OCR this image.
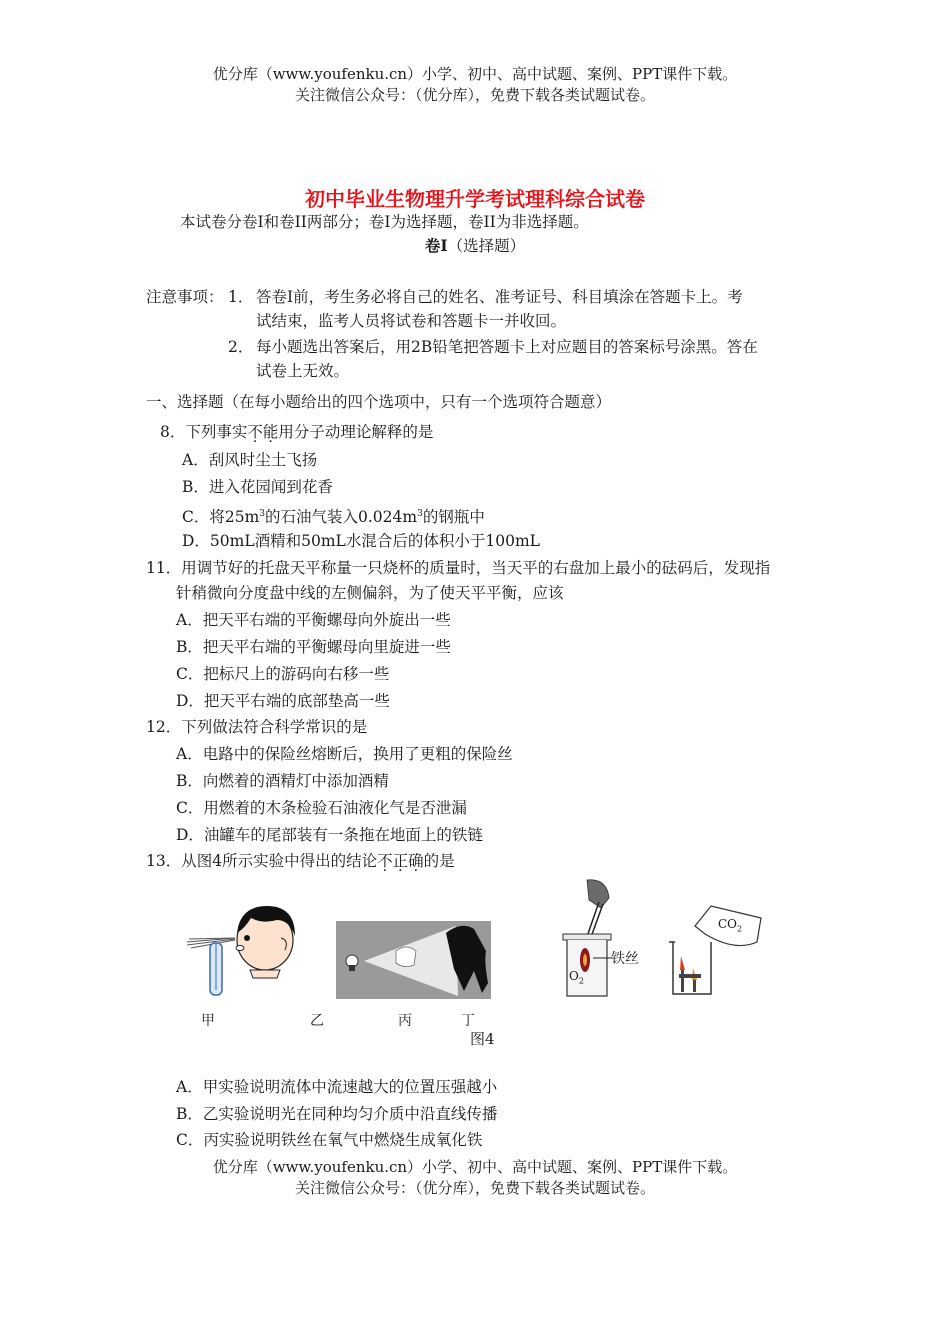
优分库（www.youfenku.cn）小学、初中、高中试题、案例、PPT课件下载。
关注微信公众号：（优分库），免费下载各类试题试卷。
初中毕业生物理升学考试理科综合试卷
本试卷分卷I和卷II两部分；卷I为选择题，卷II为非选择题。
卷Ⅰ（选择题）
注意事项： 1． 答卷Ⅰ前，考生务必将自己的姓名、准考证号、科目填涂在答题卡上。考
试结束，监考人员将试卷和答题卡一并收回。
2． 每小题选出答案后，用2B铅笔把答题卡上对应题目的答案标号涂黑。答在
试卷上无效。
一、选择题（在每小题给出的四个选项中，只有一个选项符合题意）
8．下列事实不能用分子动理论解释的是
A．刮风时尘土飞扬
B．进入花园闻到花香
C．将$25m^3$的石油气装入$0.024m^3$的钢瓶中
D．50mL酒精和50mL水混合后的体积小于100mL
11．用调节好的托盘天平称量一只烧杯的质量时，当天平的右盘加上最小的砝码后，发现指
针稍微向分度盘中线的左侧偏斜，为了使天平平衡，应该
A．把天平右端的平衡螺母向外旋出一些
B．把天平右端的平衡螺母向里旋进一些
C．把标尺上的游码向右移一些
D．把天平右端的底部垫高一些
12．下列做法符合科学常识的是
A．电路中的保险丝熔断后，换用了更粗的保险丝
B．向燃着的酒精灯中添加酒精
C．用燃着的木条检验石油液化气是否泄漏
D．油罐车的尾部装有一条拖在地面上的铁链
13．从图4所示实验中得出的结论不正确的是
铁丝
$O_2$
$CO_2$
甲	乙	丙	丁
图4
A．甲实验说明流体中流速越大的位置压强越小
B．乙实验说明光在同种均匀介质中沿直线传播
C．丙实验说明铁丝在氧气中燃烧生成氧化铁
优分库（www.youfenku.cn）小学、初中、高中试题、案例、PPT课件下载。
关注微信公众号：（优分库），免费下载各类试题试卷。
